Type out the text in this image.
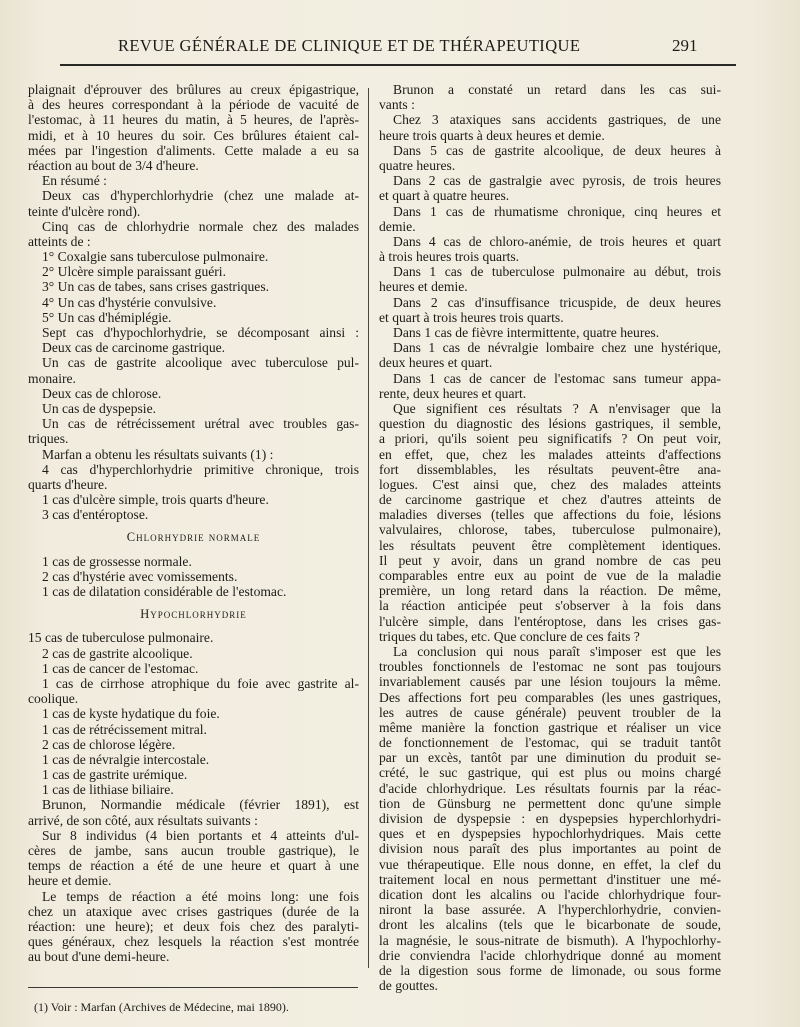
REVUE GÉNÉRALE DE CLINIQUE ET DE THÉRAPEUTIQUE	291
plaignait d'éprouver des brûlures au creux épigastrique,
à des heures correspondant à la période de vacuité de
l'estomac, à 11 heures du matin, à 5 heures, de l'après-
midi, et à 10 heures du soir. Ces brûlures étaient cal-
mées par l'ingestion d'aliments. Cette malade a eu sa
réaction au bout de 3/4 d'heure.
En résumé :
Deux cas d'hyperchlorhydrie (chez une malade at-
teinte d'ulcère rond).
Cinq cas de chlorhydrie normale chez des malades
atteints de :
1° Coxalgie sans tuberculose pulmonaire.
2° Ulcère simple paraissant guéri.
3° Un cas de tabes, sans crises gastriques.
4° Un cas d'hystérie convulsive.
5° Un cas d'hémiplégie.
Sept cas d'hypochlorhydrie, se décomposant ainsi :
Deux cas de carcinome gastrique.
Un cas de gastrite alcoolique avec tuberculose pul-
monaire.
Deux cas de chlorose.
Un cas de dyspepsie.
Un cas de rétrécissement urétral avec troubles gas-
triques.
Marfan a obtenu les résultats suivants (1) :
4 cas d'hyperchlorhydrie primitive chronique, trois
quarts d'heure.
1 cas d'ulcère simple, trois quarts d'heure.
3 cas d'entéroptose.
Chlorhydrie normale
1 cas de grossesse normale.
2 cas d'hystérie avec vomissements.
1 cas de dilatation considérable de l'estomac.
Hypochlorhydrie
15 cas de tuberculose pulmonaire.
2 cas de gastrite alcoolique.
1 cas de cancer de l'estomac.
1 cas de cirrhose atrophique du foie avec gastrite al-
coolique.
1 cas de kyste hydatique du foie.
1 cas de rétrécissement mitral.
2 cas de chlorose légère.
1 cas de névralgie intercostale.
1 cas de gastrite urémique.
1 cas de lithiase biliaire.
Brunon, Normandie médicale (février 1891), est
arrivé, de son côté, aux résultats suivants :
Sur 8 individus (4 bien portants et 4 atteints d'ul-
cères de jambe, sans aucun trouble gastrique), le
temps de réaction a été de une heure et quart à une
heure et demie.
Le temps de réaction a été moins long: une fois
chez un ataxique avec crises gastriques (durée de la
réaction: une heure); et deux fois chez des paralyti-
ques généraux, chez lesquels la réaction s'est montrée
au bout d'une demi-heure.
Brunon a constaté un retard dans les cas sui-
vants :
Chez 3 ataxiques sans accidents gastriques, de une
heure trois quarts à deux heures et demie.
Dans 5 cas de gastrite alcoolique, de deux heures à
quatre heures.
Dans 2 cas de gastralgie avec pyrosis, de trois heures
et quart à quatre heures.
Dans 1 cas de rhumatisme chronique, cinq heures et
demie.
Dans 4 cas de chloro-anémie, de trois heures et quart
à trois heures trois quarts.
Dans 1 cas de tuberculose pulmonaire au début, trois
heures et demie.
Dans 2 cas d'insuffisance tricuspide, de deux heures
et quart à trois heures trois quarts.
Dans 1 cas de fièvre intermittente, quatre heures.
Dans 1 cas de névralgie lombaire chez une hystérique,
deux heures et quart.
Dans 1 cas de cancer de l'estomac sans tumeur appa-
rente, deux heures et quart.
Que signifient ces résultats ? A n'envisager que la
question du diagnostic des lésions gastriques, il semble,
a priori, qu'ils soient peu significatifs ? On peut voir,
en effet, que, chez les malades atteints d'affections
fort dissemblables, les résultats peuvent-être ana-
logues. C'est ainsi que, chez des malades atteints
de carcinome gastrique et chez d'autres atteints de
maladies diverses (telles que affections du foie, lésions
valvulaires, chlorose, tabes, tuberculose pulmonaire),
les résultats peuvent être complètement identiques.
Il peut y avoir, dans un grand nombre de cas peu
comparables entre eux au point de vue de la maladie
première, un long retard dans la réaction. De même,
la réaction anticipée peut s'observer à la fois dans
l'ulcère simple, dans l'entéroptose, dans les crises gas-
triques du tabes, etc. Que conclure de ces faits ?
La conclusion qui nous paraît s'imposer est que les
troubles fonctionnels de l'estomac ne sont pas toujours
invariablement causés par une lésion toujours la même.
Des affections fort peu comparables (les unes gastriques,
les autres de cause générale) peuvent troubler de la
même manière la fonction gastrique et réaliser un vice
de fonctionnement de l'estomac, qui se traduit tantôt
par un excès, tantôt par une diminution du produit se-
crété, le suc gastrique, qui est plus ou moins chargé
d'acide chlorhydrique. Les résultats fournis par la réac-
tion de Günsburg ne permettent donc qu'une simple
division de dyspepsie : en dyspepsies hyperchlorhydri-
ques et en dyspepsies hypochlorhydriques. Mais cette
division nous paraît des plus importantes au point de
vue thérapeutique. Elle nous donne, en effet, la clef du
traitement local en nous permettant d'instituer une mé-
dication dont les alcalins ou l'acide chlorhydrique four-
niront la base assurée. A l'hyperchlorhydrie, convien-
dront les alcalins (tels que le bicarbonate de soude,
la magnésie, le sous-nitrate de bismuth). A l'hypochlorhy-
drie conviendra l'acide chlorhydrique donné au moment
de la digestion sous forme de limonade, ou sous forme
de gouttes.
(1) Voir : Marfan (Archives de Médecine, mai 1890).
